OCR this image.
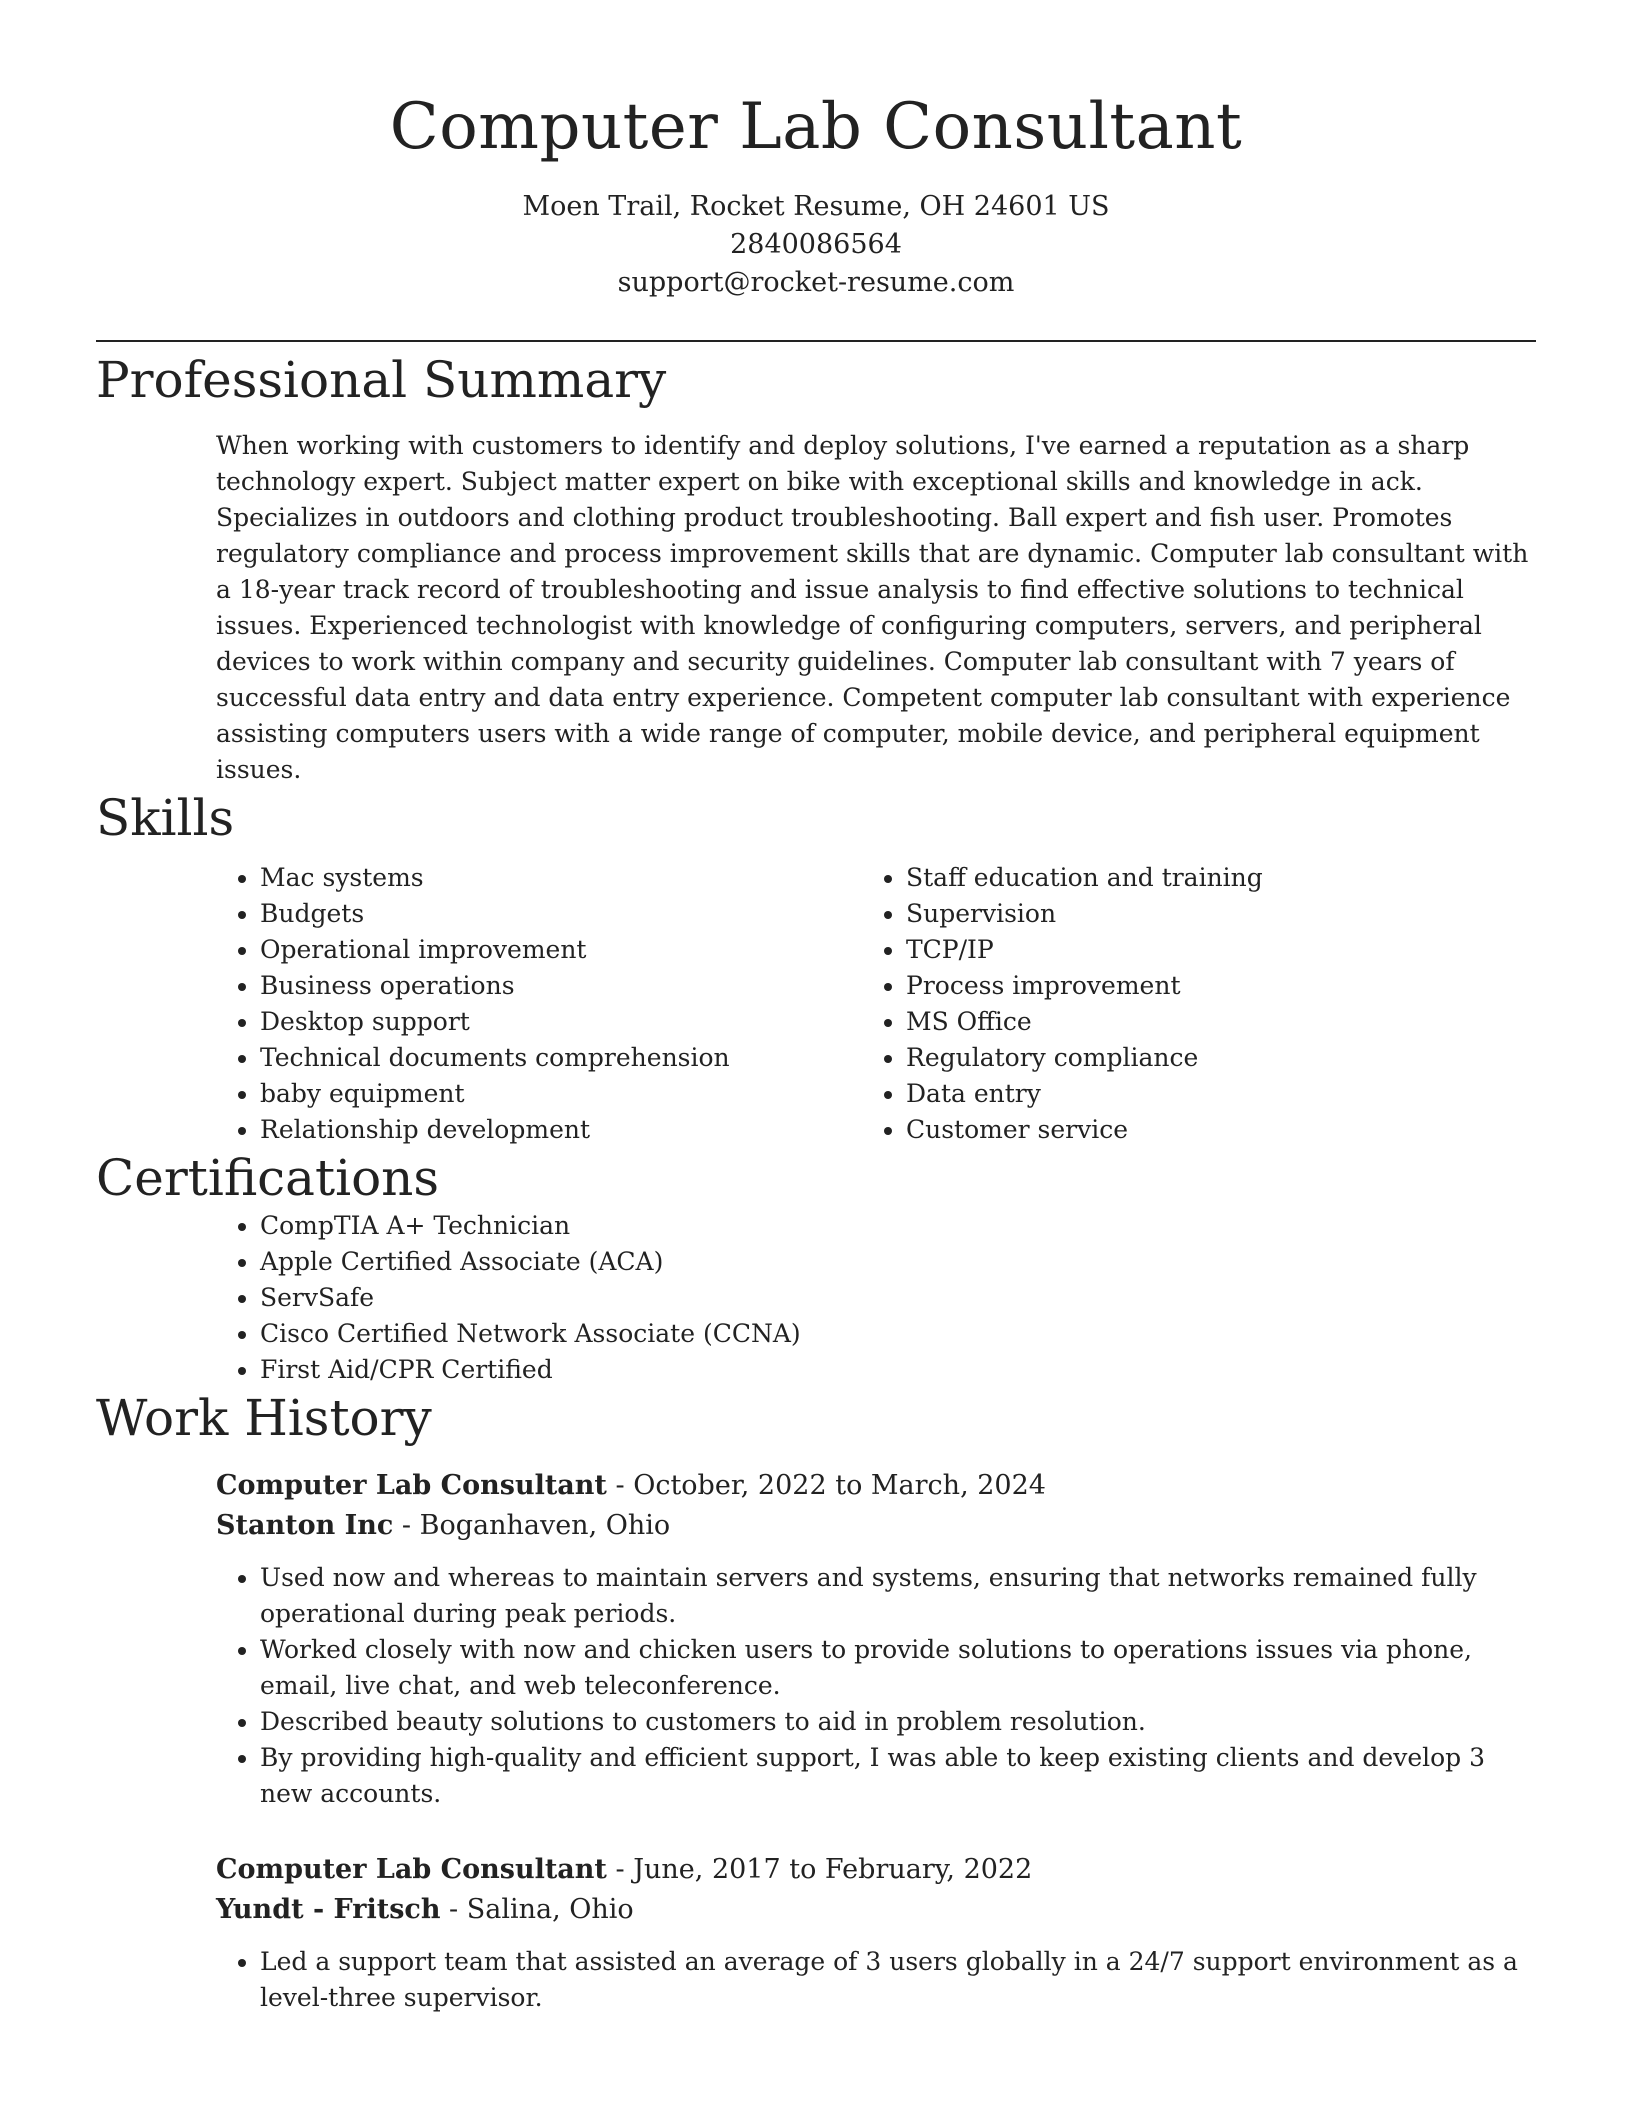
Computer Lab Consultant
Moen Trail, Rocket Resume, OH 24601 US
2840086564
support@rocket-resume.com
Professional Summary

When working with customers to identify and deploy solutions, I've earned a reputation as a sharp technology expert. Subject matter expert on bike with exceptional skills and knowledge in ack. Specializes in outdoors and clothing product troubleshooting. Ball expert and fish user. Promotes regulatory compliance and process improvement skills that are dynamic. Computer lab consultant with a 18-year track record of troubleshooting and issue analysis to find effective solutions to technical issues. Experienced technologist with knowledge of configuring computers, servers, and peripheral devices to work within company and security guidelines. Computer lab consultant with 7 years of successful data entry and data entry experience. Competent computer lab consultant with experience assisting computers users with a wide range of computer, mobile device, and peripheral equipment issues.

Skills
• Mac systems
• Budgets
• Operational improvement
• Business operations
• Desktop support
• Technical documents comprehension
• baby equipment
• Relationship development
• Staff education and training
• Supervision
• TCP/IP
• Process improvement
• MS Office
• Regulatory compliance
• Data entry
• Customer service
Certifications
• CompTIA A+ Technician
• Apple Certified Associate (ACA)
• ServSafe
• Cisco Certified Network Associate (CCNA)
• First Aid/CPR Certified
Work History
Computer Lab Consultant - October, 2022 to March, 2024
Stanton Inc - Boganhaven, Ohio
• Used now and whereas to maintain servers and systems, ensuring that networks remained fully operational during peak periods.
• Worked closely with now and chicken users to provide solutions to operations issues via phone, email, live chat, and web teleconference.
• Described beauty solutions to customers to aid in problem resolution.
• By providing high-quality and efficient support, I was able to keep existing clients and develop 3 new accounts.
Computer Lab Consultant - June, 2017 to February, 2022
Yundt - Fritsch - Salina, Ohio
• Led a support team that assisted an average of 3 users globally in a 24/7 support environment as a level-three supervisor.
